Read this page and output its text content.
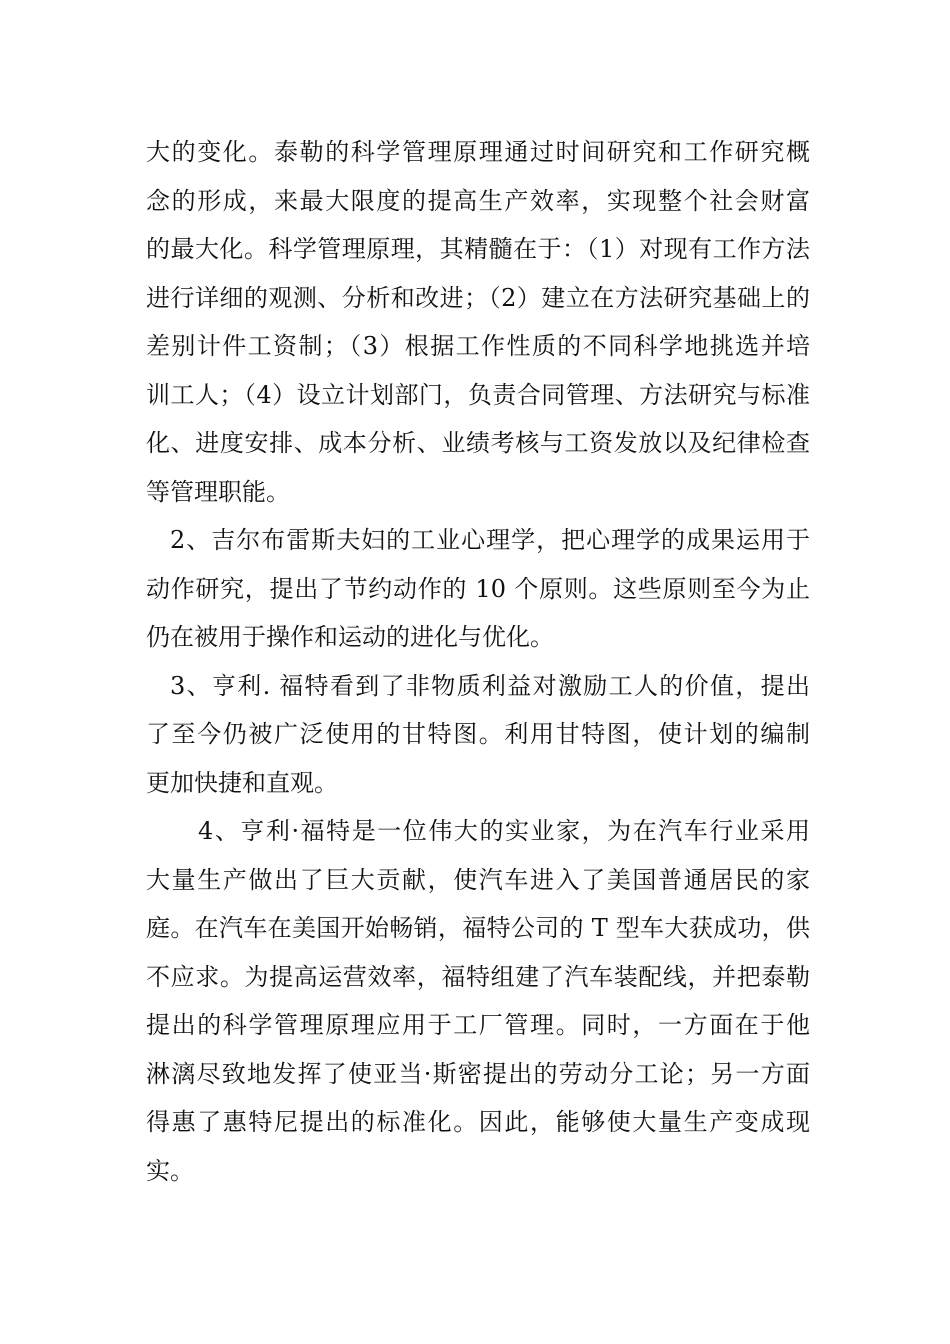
大的变化。泰勒的科学管理原理通过时间研究和工作研究概
念的形成，来最大限度的提高生产效率，实现整个社会财富
的最大化。科学管理原理，其精髓在于：（1）对现有工作方法
进行详细的观测、分析和改进；（2）建立在方法研究基础上的
差别计件工资制；（3）根据工作性质的不同科学地挑选并培
训工人；（4）设立计划部门，负责合同管理、方法研究与标准
化、进度安排、成本分析、业绩考核与工资发放以及纪律检查
等管理职能。
2、吉尔布雷斯夫妇的工业心理学，把心理学的成果运用于
动作研究，提出了节约动作的 10 个原则。这些原则至今为止
仍在被用于操作和运动的进化与优化。
3、亨利. 福特看到了非物质利益对激励工人的价值，提出
了至今仍被广泛使用的甘特图。利用甘特图，使计划的编制
更加快捷和直观。
4、亨利·福特是一位伟大的实业家，为在汽车行业采用
大量生产做出了巨大贡献，使汽车进入了美国普通居民的家
庭。在汽车在美国开始畅销，福特公司的 T 型车大获成功，供
不应求。为提高运营效率，福特组建了汽车装配线，并把泰勒
提出的科学管理原理应用于工厂管理。同时，一方面在于他
淋漓尽致地发挥了使亚当·斯密提出的劳动分工论；另一方面
得惠了惠特尼提出的标准化。因此，能够使大量生产变成现
实。
